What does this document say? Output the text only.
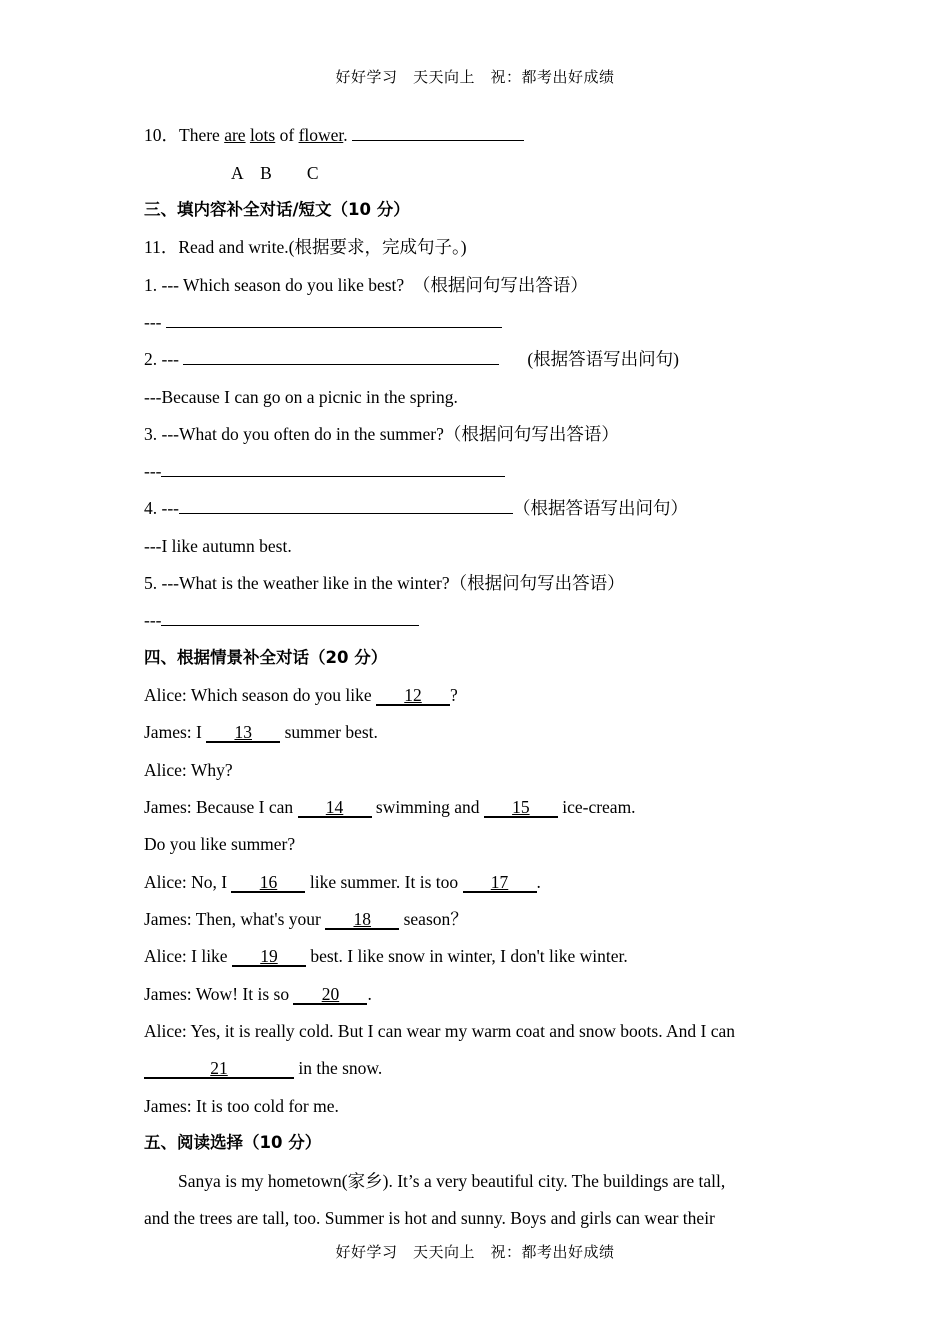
好好学习　天天向上　祝：都考出好成绩
10．There are lots of flower.
A　B　　C
三、填内容补全对话/短文（10 分）
11．Read and write.(根据要求，完成句子。)
1. --- Which season do you like best?　（根据问句写出答语）
---
2. ---	(根据答语写出问句)
---Because I can go on a picnic in the spring.
3. ---What do you often do in the summer?（根据问句写出答语）
---
4. ---	（根据答语写出问句）
---I like autumn best.
5. ---What is the weather like in the winter?（根据问句写出答语）
---
四、根据情景补全对话（20 分）
Alice: Which season do you like 12 ?
James: I 13 summer best.
Alice: Why?
James: Because I can 14 swimming and 15 ice-cream.
Do you like summer?
Alice: No, I 16 like summer. It is too 17 .
James: Then, what's your 18 season？
Alice: I like 19 best. I like snow in winter, I don't like winter.
James: Wow! It is so 20 .
Alice: Yes, it is really cold. But I can wear my warm coat and snow boots. And I can
21	in the snow.
James: It is too cold for me.
五、阅读选择（10 分）
Sanya is my hometown(家乡). It’s a very beautiful city. The buildings are tall,
and the trees are tall, too. Summer is hot and sunny. Boys and girls can wear their
好好学习　天天向上　祝：都考出好成绩
